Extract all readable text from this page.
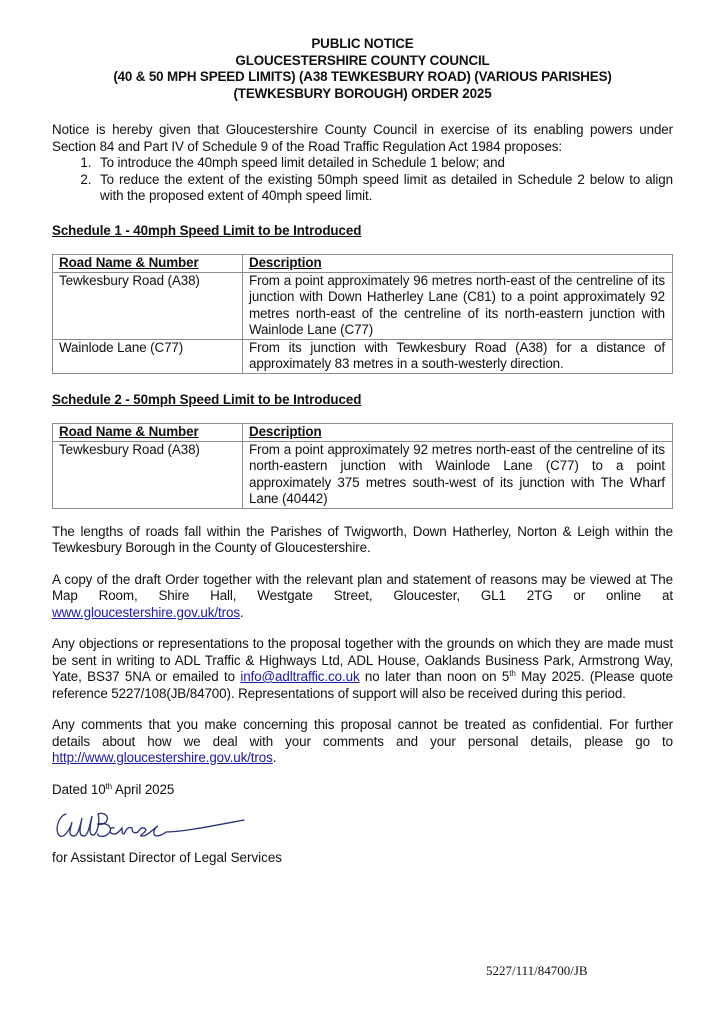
PUBLIC NOTICE
GLOUCESTERSHIRE COUNTY COUNCIL
(40 & 50 MPH SPEED LIMITS) (A38 TEWKESBURY ROAD) (VARIOUS PARISHES)
(TEWKESBURY BOROUGH) ORDER 2025

Notice is hereby given that Gloucestershire County Council in exercise of its enabling powers under Section 84 and Part IV of Schedule 9 of the Road Traffic Regulation Act 1984 proposes:

1. To introduce the 40mph speed limit detailed in Schedule 1 below; and
2. To reduce the extent of the existing 50mph speed limit as detailed in Schedule 2 below to align with the proposed extent of 40mph speed limit.
Schedule 1 - 40mph Speed Limit to be Introduced
Road Name & Number	Description
Tewkesbury Road (A38)	From a point approximately 96 metres north-east of the centreline of its junction with Down Hatherley Lane (C81) to a point approximately 92 metres north-east of the centreline of its north-eastern junction with Wainlode Lane (C77)
Wainlode Lane (C77)	From its junction with Tewkesbury Road (A38) for a distance of approximately 83 metres in a south-westerly direction.
Schedule 2 - 50mph Speed Limit to be Introduced
Road Name & Number	Description
Tewkesbury Road (A38)	From a point approximately 92 metres north-east of the centreline of its north-eastern junction with Wainlode Lane (C77) to a point approximately 375 metres south-west of its junction with The Wharf Lane (40442)

The lengths of roads fall within the Parishes of Twigworth, Down Hatherley, Norton & Leigh within the Tewkesbury Borough in the County of Gloucestershire.

A copy of the draft Order together with the relevant plan and statement of reasons may be viewed at The Map Room, Shire Hall, Westgate Street, Gloucester, GL1 2TG or online at www.gloucestershire.gov.uk/tros.

Any objections or representations to the proposal together with the grounds on which they are made must be sent in writing to ADL Traffic & Highways Ltd, ADL House, Oaklands Business Park, Armstrong Way, Yate, BS37 5NA or emailed to info@adltraffic.co.uk no later than noon on 5th May 2025. (Please quote reference 5227/108(JB/84700). Representations of support will also be received during this period.

Any comments that you make concerning this proposal cannot be treated as confidential. For further details about how we deal with your comments and your personal details, please go to http://www.gloucestershire.gov.uk/tros.

Dated 10th April 2025

for Assistant Director of Legal Services
5227/111/84700/JB
